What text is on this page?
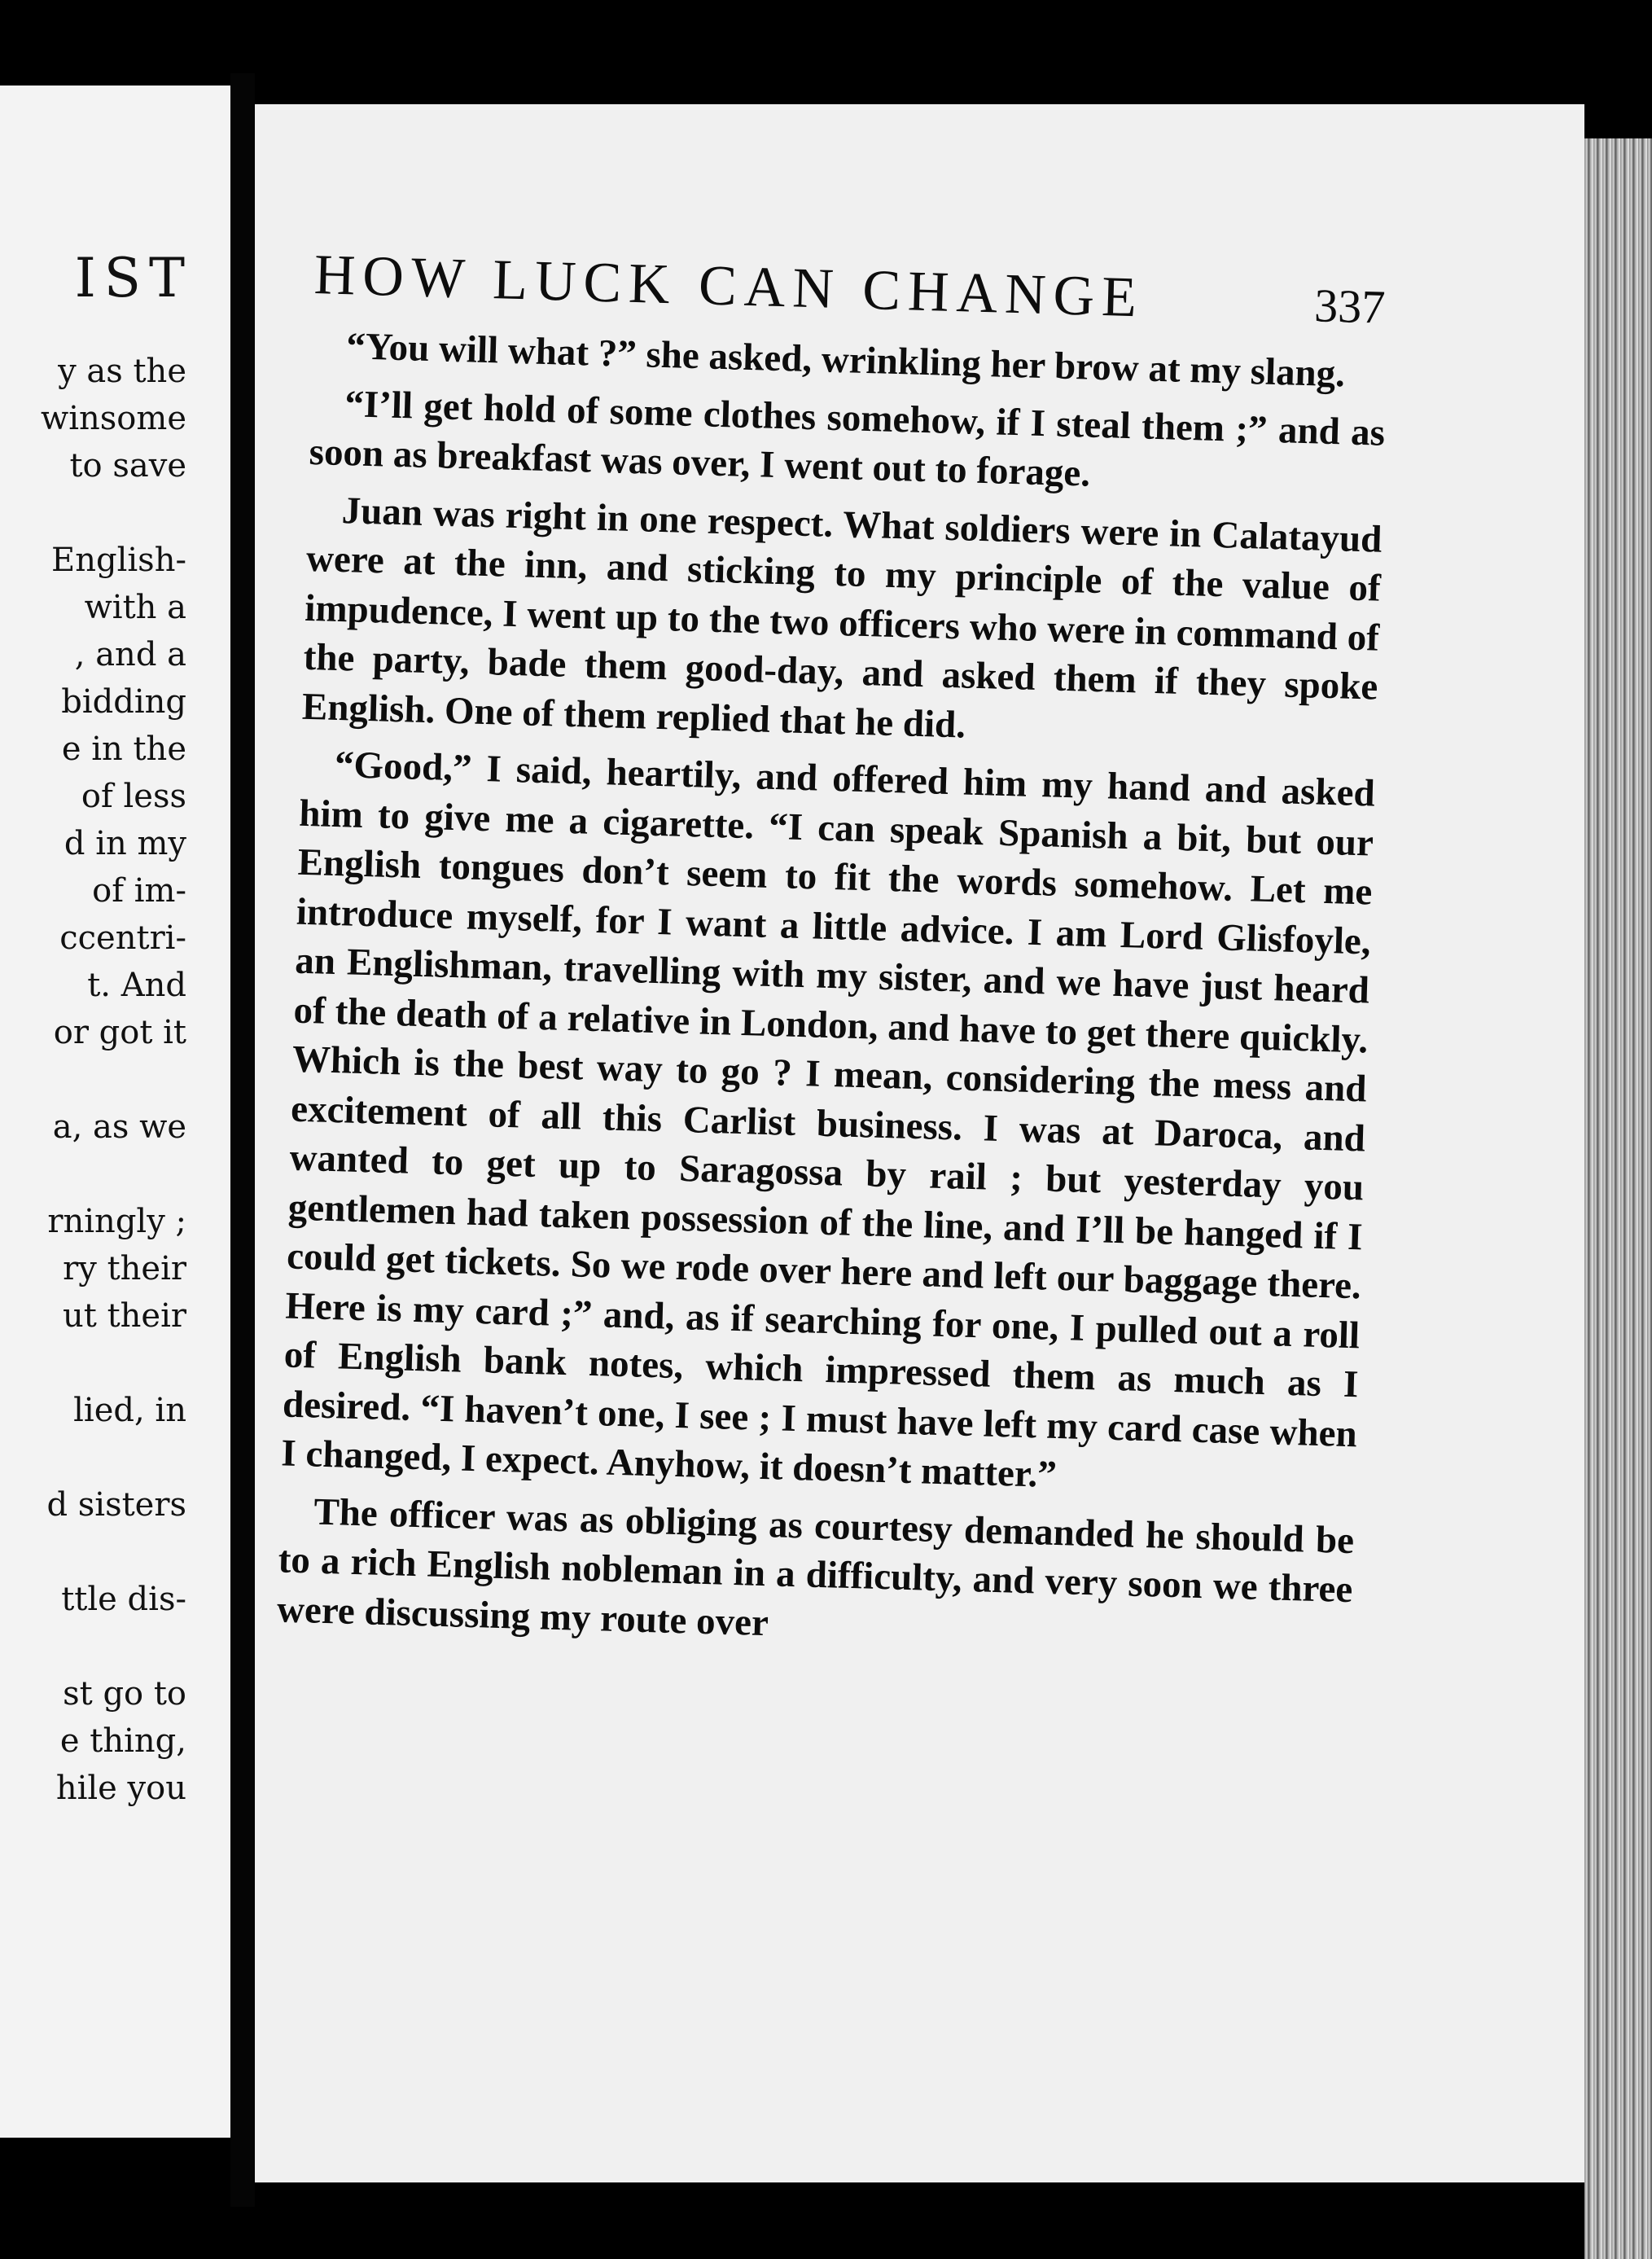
IST
y as the
winsome
to save
English-
with a
, and a
bidding
e in the
of less
d in my
of im-
ccentri-
t. And
or got it
a, as we
rningly ;
ry their
ut their
lied, in
d sisters
ttle dis-
st go to
e thing,
hile you
HOW LUCK CAN CHANGE	337

“You will what ?” she asked, wrinkling her brow at my slang.

“I’ll get hold of some clothes somehow, if I steal them ;” and as soon as breakfast was over, I went out to forage.

Juan was right in one respect. What soldiers were in Calatayud were at the inn, and sticking to my principle of the value of impudence, I went up to the two officers who were in command of the party, bade them good-day, and asked them if they spoke English. One of them replied that he did.

“Good,” I said, heartily, and offered him my hand and asked him to give me a cigarette. “I can speak Spanish a bit, but our English tongues don’t seem to fit the words somehow. Let me introduce myself, for I want a little advice. I am Lord Glisfoyle, an Englishman, travelling with my sister, and we have just heard of the death of a relative in London, and have to get there quickly. Which is the best way to go ? I mean, considering the mess and excitement of all this Carlist business. I was at Daroca, and wanted to get up to Saragossa by rail ; but yesterday you gentlemen had taken possession of the line, and I’ll be hanged if I could get tickets. So we rode over here and left our baggage there. Here is my card ;” and, as if searching for one, I pulled out a roll of English bank notes, which impressed them as much as I desired. “I haven’t one, I see ; I must have left my card case when I changed, I expect. Anyhow, it doesn’t matter.”

The officer was as obliging as courtesy demanded he should be to a rich English nobleman in a difficulty, and very soon we three were discussing my route over
